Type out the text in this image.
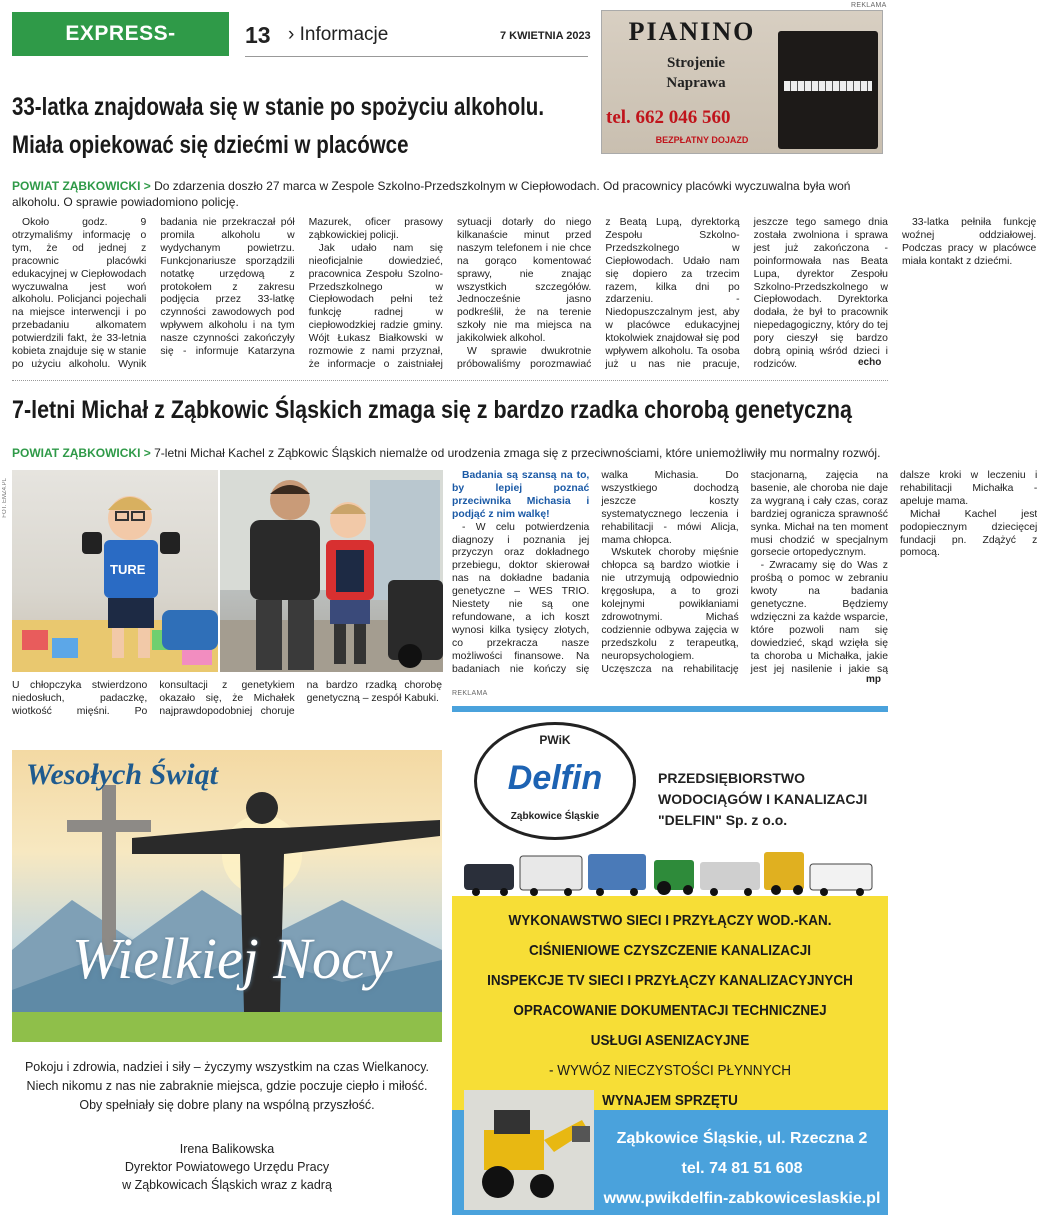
EXPRESS-MIEJSKI.PL
13 › Informacje	7 KWIETNIA 2023
REKLAMA
PIANINO
Strojenie
Naprawa
tel. 662 046 560
BEZPŁATNY DOJAZD
33-latka znajdowała się w stanie po spożyciu alkoholu.
Miała opiekować się dziećmi w placówce
POWIAT ZĄBKOWICKI > Do zdarzenia doszło 27 marca w Zespole Szkolno-Przedszkolnym w Ciepłowodach. Od pracownicy placówki wyczuwalna była woń alkoholu. O sprawie powiadomiono policję.

Około godz. 9 otrzymaliśmy informację o tym, że od jednej z pracownic placówki edukacyjnej w Ciepłowodach wyczuwalna jest woń alkoholu. Policjanci pojechali na miejsce interwencji i po przebadaniu alkomatem potwierdzili fakt, że 33-letnia kobieta znajduje się w stanie po użyciu alkoholu. Wynik badania nie przekraczał pół promila alkoholu w wydychanym powietrzu. Funkcjonariusze sporządzili notatkę urzędową z protokołem z zakresu podjęcia przez 33-latkę czynności zawodowych pod wpływem alkoholu i na tym nasze czynności zakończyły się - informuje Katarzyna Mazurek, oficer prasowy ząbkowickiej policji.

Jak udało nam się nieoficjalnie dowiedzieć, pracownica Zespołu Szolno-Przedszkolnego w Ciepłowodach pełni też funkcję radnej w ciepłowodzkiej radzie gminy. Wójt Łukasz Białkowski w rozmowie z nami przyznał, że informacje o zaistniałej sytuacji dotarły do niego kilkanaście minut przed naszym telefonem i nie chce na gorąco komentować sprawy, nie znając wszystkich szczegółów. Jednocześnie jasno podkreślił, że na terenie szkoły nie ma miejsca na jakikolwiek alkohol.

W sprawie dwukrotnie próbowaliśmy porozmawiać z Beatą Lupą, dyrektorką Zespołu Szkolno-Przedszkolnego w Ciepłowodach. Udało nam się dopiero za trzecim razem, kilka dni po zdarzeniu. - Niedopuszczalnym jest, aby w placówce edukacyjnej ktokolwiek znajdował się pod wpływem alkoholu. Ta osoba już u nas nie pracuje, jeszcze tego samego dnia została zwolniona i sprawa jest już zakończona - poinformowała nas Beata Lupa, dyrektor Zespołu Szkolno-Przedszkolnego w Ciepłowodach. Dyrektorka dodała, że był to pracownik niepedagogiczny, który do tej pory cieszył się bardzo dobrą opinią wśród dzieci i rodziców.

33-latka pełniła funkcję woźnej oddziałowej. Podczas pracy w placówce miała kontakt z dziećmi.

echo
7-letni Michał z Ząbkowic Śląskich zmaga się z bardzo rzadka chorobą genetyczną
POWIAT ZĄBKOWICKI > 7-letni Michał Kachel z Ząbkowic Śląskich niemalże od urodzenia zmaga się z przeciwnościami, które uniemożliwiły mu normalny rozwój.
FOT. EMZ4.PL
TURE
U chłopczyka stwierdzono niedosłuch, padaczkę, wiotkość mięśni. Po konsultacji z genetykiem okazało się, że Michałek najprawdopodobniej choruje na bardzo rzadką chorobę genetyczną – zespół Kabuki.

Badania są szansą na to, by lepiej poznać przeciwnika Michasia i podjąć z nim walkę!

- W celu potwierdzenia diagnozy i poznania jej przyczyn oraz dokładnego przebiegu, doktor skierował nas na dokładne badania genetyczne – WES TRIO. Niestety nie są one refundowane, a ich koszt wynosi kilka tysięcy złotych, co przekracza nasze możliwości finansowe. Na badaniach nie kończy się walka Michasia. Do wszystkiego dochodzą jeszcze koszty systematycznego leczenia i rehabilitacji - mówi Alicja, mama chłopca.

Wskutek choroby mięśnie chłopca są bardzo wiotkie i nie utrzymują odpowiednio kręgosłupa, a to grozi kolejnymi powikłaniami zdrowotnymi. Michaś codziennie odbywa zajęcia w przedszkolu z terapeutką, neuropsychologiem. Uczęszcza na rehabilitację stacjonarną, zajęcia na basenie, ale choroba nie daje za wygraną i cały czas, coraz bardziej ogranicza sprawność synka. Michał na ten moment musi chodzić w specjalnym gorsecie ortopedycznym.

- Zwracamy się do Was z prośbą o pomoc w zebraniu kwoty na badania genetyczne. Będziemy wdzięczni za każde wsparcie, które pozwoli nam się dowiedzieć, skąd wzięła się ta choroba u Michałka, jakie jest jej nasilenie i jakie są dalsze kroki w leczeniu i rehabilitacji Michałka - apeluje mama.

Michał Kachel jest podopiecznym dziecięcej fundacji pn. Zdążyć z pomocą.

mp
REKLAMA
Wesołych Świąt
Wielkiej Nocy
Pokoju i zdrowia, nadziei i siły – życzymy wszystkim na czas Wielkanocy.
Niech nikomu z nas nie zabraknie miejsca, gdzie poczuje ciepło i miłość.
Oby spełniały się dobre plany na wspólną przyszłość.
Irena Balikowska
Dyrektor Powiatowego Urzędu Pracy
w Ząbkowicach Śląskich wraz z kadrą
PWiK
Delfin
Ząbkowice Śląskie
PRZEDSIĘBIORSTWO
WODOCIĄGÓW I KANALIZACJI
"DELFIN" Sp. z o.o.
WYKONAWSTWO SIECI I PRZYŁĄCZY WOD.-KAN.
CIŚNIENIOWE CZYSZCZENIE KANALIZACJI
INSPEKCJE TV SIECI I PRZYŁĄCZY KANALIZACYJNYCH
OPRACOWANIE DOKUMENTACJI TECHNICZNEJ
USŁUGI ASENIZACYJNE
- WYWÓZ NIECZYSTOŚCI PŁYNNYCH
WYNAJEM SPRZĘTU
Ząbkowice Śląskie, ul. Rzeczna 2
tel. 74 81 51 608
www.pwikdelfin-zabkowiceslaskie.pl
